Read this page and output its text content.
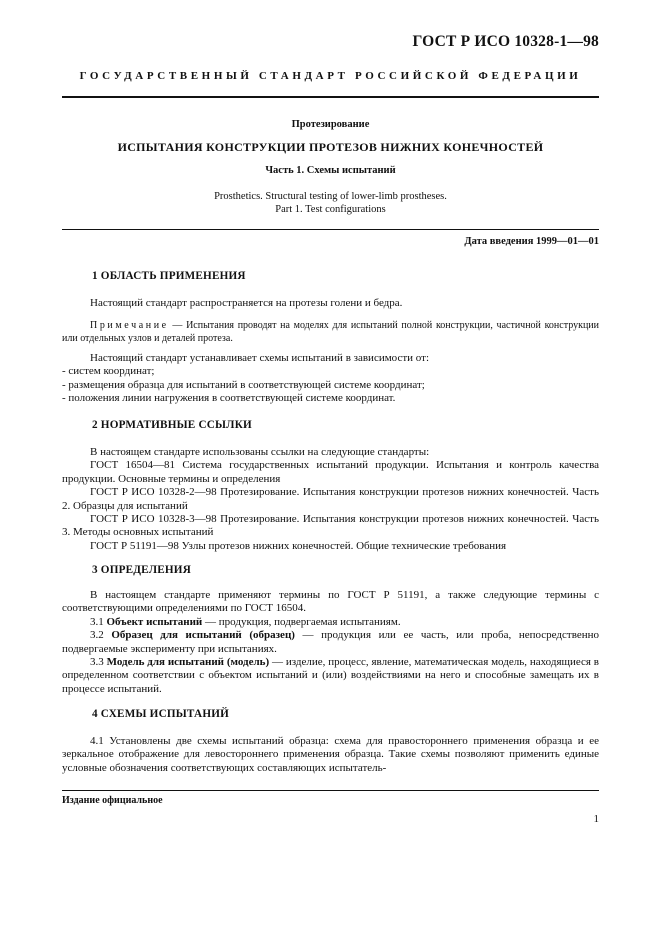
ГОСТ Р ИСО 10328-1—98
ГОСУДАРСТВЕННЫЙ СТАНДАРТ РОССИЙСКОЙ ФЕДЕРАЦИИ
Протезирование
ИСПЫТАНИЯ КОНСТРУКЦИИ ПРОТЕЗОВ НИЖНИХ КОНЕЧНОСТЕЙ
Часть 1. Схемы испытаний
Prosthetics. Structural testing of lower-limb prostheses.
Part 1. Test configurations
Дата введения 1999—01—01
1 ОБЛАСТЬ ПРИМЕНЕНИЯ

Настоящий стандарт распространяется на протезы голени и бедра.

Примечание — Испытания проводят на моделях для испытаний полной конструкции, частичной конструкции или отдельных узлов и деталей протеза.

Настоящий стандарт устанавливает схемы испытаний в зависимости от:

- систем координат;

- размещения образца для испытаний в соответствующей системе координат;

- положения линии нагружения в соответствующей системе координат.

2 НОРМАТИВНЫЕ ССЫЛКИ

В настоящем стандарте использованы ссылки на следующие стандарты:

ГОСТ 16504—81 Система государственных испытаний продукции. Испытания и контроль качества продукции. Основные термины и определения

ГОСТ Р ИСО 10328-2—98 Протезирование. Испытания конструкции протезов нижних конечностей. Часть 2. Образцы для испытаний

ГОСТ Р ИСО 10328-3—98 Протезирование. Испытания конструкции протезов нижних конечностей. Часть 3. Методы основных испытаний

ГОСТ Р 51191—98 Узлы протезов нижних конечностей. Общие технические требования

3 ОПРЕДЕЛЕНИЯ

В настоящем стандарте применяют термины по ГОСТ Р 51191, а также следующие термины с соответствующими определениями по ГОСТ 16504.

3.1 Объект испытаний — продукция, подвергаемая испытаниям.

3.2 Образец для испытаний (образец) — продукция или ее часть, или проба, непосредственно подвергаемые эксперименту при испытаниях.

3.3 Модель для испытаний (модель) — изделие, процесс, явление, математическая модель, находящиеся в определенном соответствии с объектом испытаний и (или) воздействиями на него и способные замещать их в процессе испытаний.

4 СХЕМЫ ИСПЫТАНИЙ

4.1 Установлены две схемы испытаний образца: схема для правостороннего применения образца и ее зеркальное отображение для левостороннего применения образца. Такие схемы позволяют применить единые условные обозначения соответствующих составляющих испытатель-

Издание официальное
1
